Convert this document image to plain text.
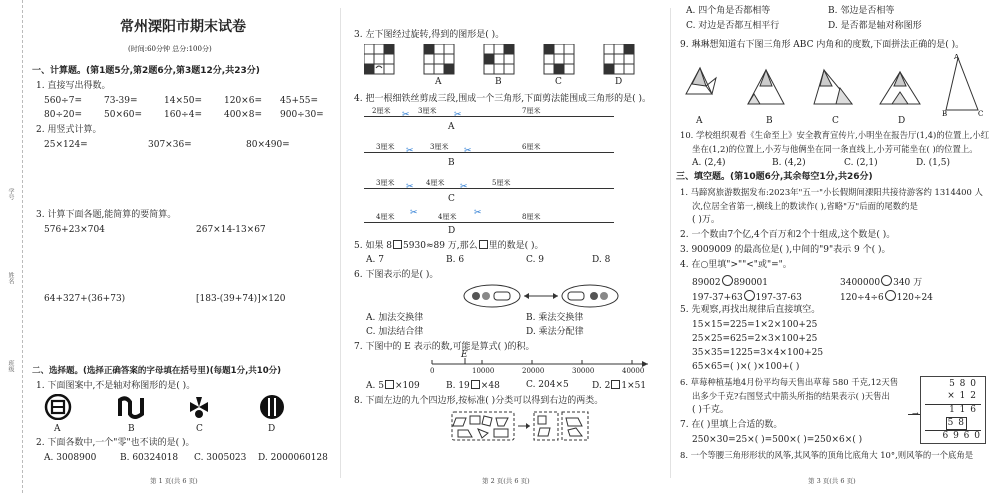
学号
姓名
班级
常州溧阳市期末试卷
(时间:60分钟 总分:100分)
一、计算题。(第1题5分,第2题6分,第3题12分,共23分)
1. 直接写出得数。
560÷7= 73-39=	14×50= 120×6= 45+55=
80÷20= 50×60= 160÷4= 400×8= 900÷30=
2. 用竖式计算。
25×124=	307×36=	80×490=
3. 计算下面各题,能简算的要简算。
576+23×704	267×14-13×67
64+327+(36+73)	[183-(39+74)]×120
二、选择题。(选择正确答案的字母填在括号里)(每题1分,共10分)
1. 下面图案中,不是轴对称图形的是( )。
A	B	C	D
2. 下面各数中,一个"零"也不读的是( )。
A. 3008900	B. 60324018 C. 3005023 D. 2000060128
第 1 页(共 6 页)
3. 左下图经过旋转,得到的图形是( )。
A	B	C	D
4. 把一根细铁丝剪成三段,围成一个三角形,下面剪法能围成三角形的是( )。
✂	✂
2厘米	3厘米	7厘米
A
✂	✂
3厘米	3厘米	6厘米
B
✂	✂
3厘米	4厘米	5厘米
C
✂	✂
4厘米	4厘米	8厘米
D
5. 如果 8 5930≈89 万,那么 里的数是( )。
A. 7	B. 6	C. 9	D. 8
6. 下图表示的是( )。
A. 加法交换律	B. 乘法交换律
C. 加法结合律	D. 乘法分配律
7. 下图中的 E 表示的数,可能是算式( )的积。
E
0	10000	20000	30000	40000
A. 5 ×109	B. 19 ×48	C. 204×5	D. 2 1×51
8. 下面左边的九个四边形,按标准( )分类可以得到右边的两类。
第 2 页(共 6 页)
A. 四个角是否都相等	B. 邻边是否相等
C. 对边是否都互相平行	D. 是否都是轴对称图形
9. 琳琳想知道右下图三角形 ABC 内角和的度数,下面拼法正确的是( )。
A
B	C
A	B	C	D
10. 学校组织观看《生命至上》安全教育宣传片,小明坐在报告厅(1,4)的位置上,小红
坐在(1,2)的位置上,小芳与他俩坐在同一条直线上,小芳可能坐在( )的位置上。
A. (2,4)	B. (4,2)	C. (2,1)	D. (1,5)
三、填空题。(第10题6分,其余每空1分,共26分)
1. 马蹄窝旅游数据发布:2023年"五一"小长假期间溧阳共接待游客约 1314400 人
次,位居全省第一,横线上的数读作( ),省略"万"后面的尾数约是
( )万。
2. 一个数由7个亿,4个百万和2个十组成,这个数是( )。
3. 9009009 的最高位是( ),中间的"9"表示 9 个( )。
4. 在○里填">""<"或"="。
89002 890001	3400000 340 万
197-37+63 197-37-63	120÷4÷6 120÷24
5. 先观察,再找出规律后直接填空。
15×15=225=1×2×100+25
25×25=625=2×3×100+25
35×35=1225=3×4×100+25
65×65=( )×( )×100+( )
6. 草莓种植基地4月份平均每天售出草莓 580 千克,12天售
出多少千克?右图竖式中箭头所指的结果表示( )天售出
( )千克。
5 8 0
× 1 2
1 1 6
5 8
6 9 6 0
→
7. 在( )里填上合适的数。
250×30=25×( )=500×( )=250×6×( )
8. 一个等腰三角形形状的风筝,其风筝的顶角比底角大 10°,则风筝的一个底角是
第 3 页(共 6 页)
